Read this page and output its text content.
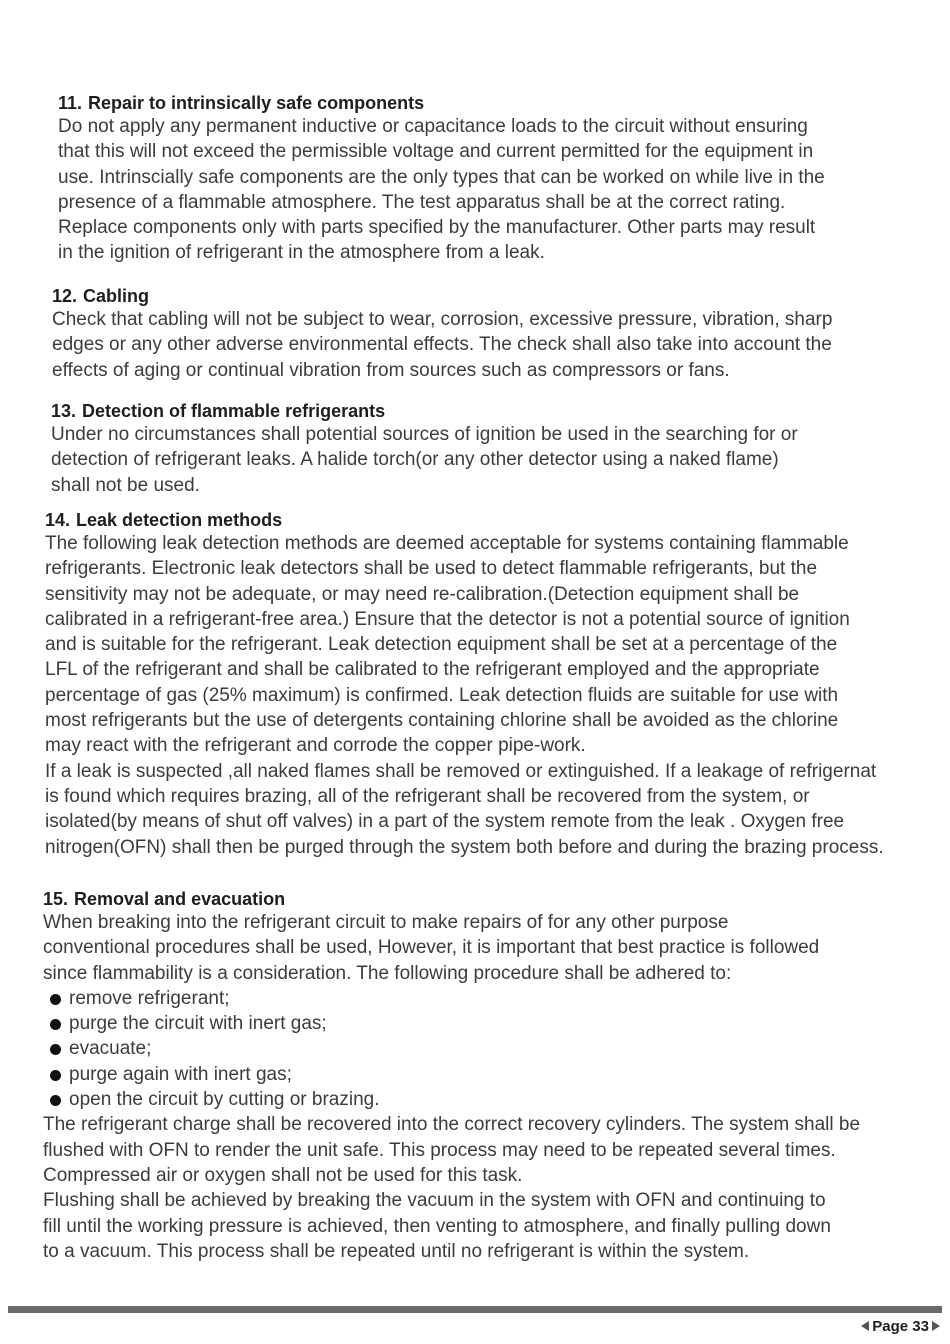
11. Repair to intrinsically safe components

Do not apply any permanent inductive or capacitance loads to the circuit without ensuring
that this will not exceed the permissible voltage and current permitted for the equipment in
use. Intrinscially safe components are the only types that can be worked on while live in the
presence of a flammable atmosphere. The test apparatus shall be at the correct rating.
Replace components only with parts specified by the manufacturer. Other parts may result
in the ignition of refrigerant in the atmosphere from a leak.

12. Cabling

Check that cabling will not be subject to wear, corrosion, excessive pressure, vibration, sharp
edges or any other adverse environmental effects. The check shall also take into account the
effects of aging or continual vibration from sources such as compressors or fans.

13. Detection of flammable refrigerants

Under no circumstances shall potential sources of ignition be used in the searching for or
detection of refrigerant leaks. A halide torch(or any other detector using a naked flame)
shall not be used.

14. Leak detection methods

The following leak detection methods are deemed acceptable for systems containing flammable
refrigerants. Electronic leak detectors shall be used to detect flammable refrigerants, but the
sensitivity may not be adequate, or may need re-calibration.(Detection equipment shall be
calibrated in a refrigerant-free area.) Ensure that the detector is not a potential source of ignition
and is suitable for the refrigerant. Leak detection equipment shall be set at a percentage of the
LFL of the refrigerant and shall be calibrated to the refrigerant employed and the appropriate
percentage of gas (25% maximum) is confirmed. Leak detection fluids are suitable for use with
most refrigerants but the use of detergents containing chlorine shall be avoided as the chlorine
may react with the refrigerant and corrode the copper pipe-work.
If a leak is suspected ,all naked flames shall be removed or extinguished. If a leakage of refrigernat
is found which requires brazing, all of the refrigerant shall be recovered from the system, or
isolated(by means of shut off valves) in a part of the system remote from the leak . Oxygen free
nitrogen(OFN) shall then be purged through the system both before and during the brazing process.

15. Removal and evacuation

When breaking into the refrigerant circuit to make repairs of for any other purpose
conventional procedures shall be used, However, it is important that best practice is followed
since flammability is a consideration. The following procedure shall be adhered to:

remove refrigerant;
purge the circuit with inert gas;
evacuate;
purge again with inert gas;
open the circuit by cutting or brazing.

The refrigerant charge shall be recovered into the correct recovery cylinders. The system shall be
flushed with OFN to render the unit safe. This process may need to be repeated several times.
Compressed air or oxygen shall not be used for this task.
Flushing shall be achieved by breaking the vacuum in the system with OFN and continuing to
fill until the working pressure is achieved, then venting to atmosphere, and finally pulling down
to a vacuum. This process shall be repeated until no refrigerant is within the system.

Page 33
